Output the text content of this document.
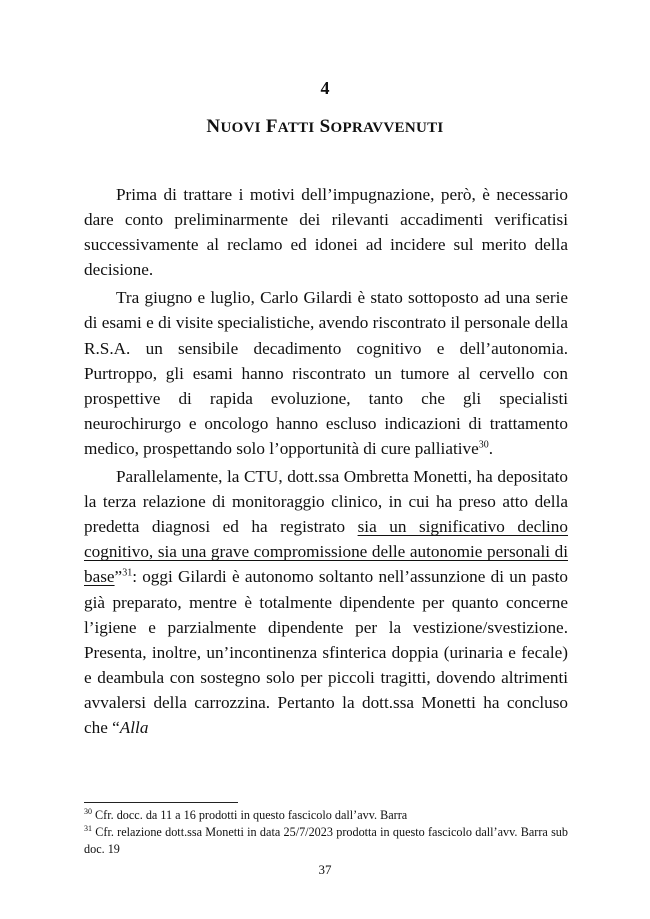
4
NUOVI FATTI SOPRAVVENUTI

Prima di trattare i motivi dell’impugnazione, però, è necessario dare conto preliminarmente dei rilevanti accadimenti verificatisi successivamente al reclamo ed idonei ad incidere sul merito della decisione.

Tra giugno e luglio, Carlo Gilardi è stato sottoposto ad una serie di esami e di visite specialistiche, avendo riscontrato il personale della R.S.A. un sensibile decadimento cognitivo e dell’autonomia. Purtroppo, gli esami hanno riscontrato un tumore al cervello con prospettive di rapida evoluzione, tanto che gli specialisti neurochirurgo e oncologo hanno escluso indicazioni di trattamento medico, prospettando solo l’opportunità di cure palliative$^{30}$.

Parallelamente, la CTU, dott.ssa Ombretta Monetti, ha depositato la terza relazione di monitoraggio clinico, in cui ha preso atto della predetta diagnosi ed ha registrato sia un significativo declino cognitivo, sia una grave compromissione delle autonomie personali di base”$^{31}$: oggi Gilardi è autonomo soltanto nell’assunzione di un pasto già preparato, mentre è totalmente dipendente per quanto concerne l’igiene e parzialmente dipendente per la vestizione/svestizione. Presenta, inoltre, un’incontinenza sfinterica doppia (urinaria e fecale) e deambula con sostegno solo per piccoli tragitti, dovendo altrimenti avvalersi della carrozzina. Pertanto la dott.ssa Monetti ha concluso che “Alla

$^{30}$ Cfr. docc. da 11 a 16 prodotti in questo fascicolo dall’avv. Barra

$^{31}$ Cfr. relazione dott.ssa Monetti in data 25/7/2023 prodotta in questo fascicolo dall’avv. Barra sub doc. 19

37
